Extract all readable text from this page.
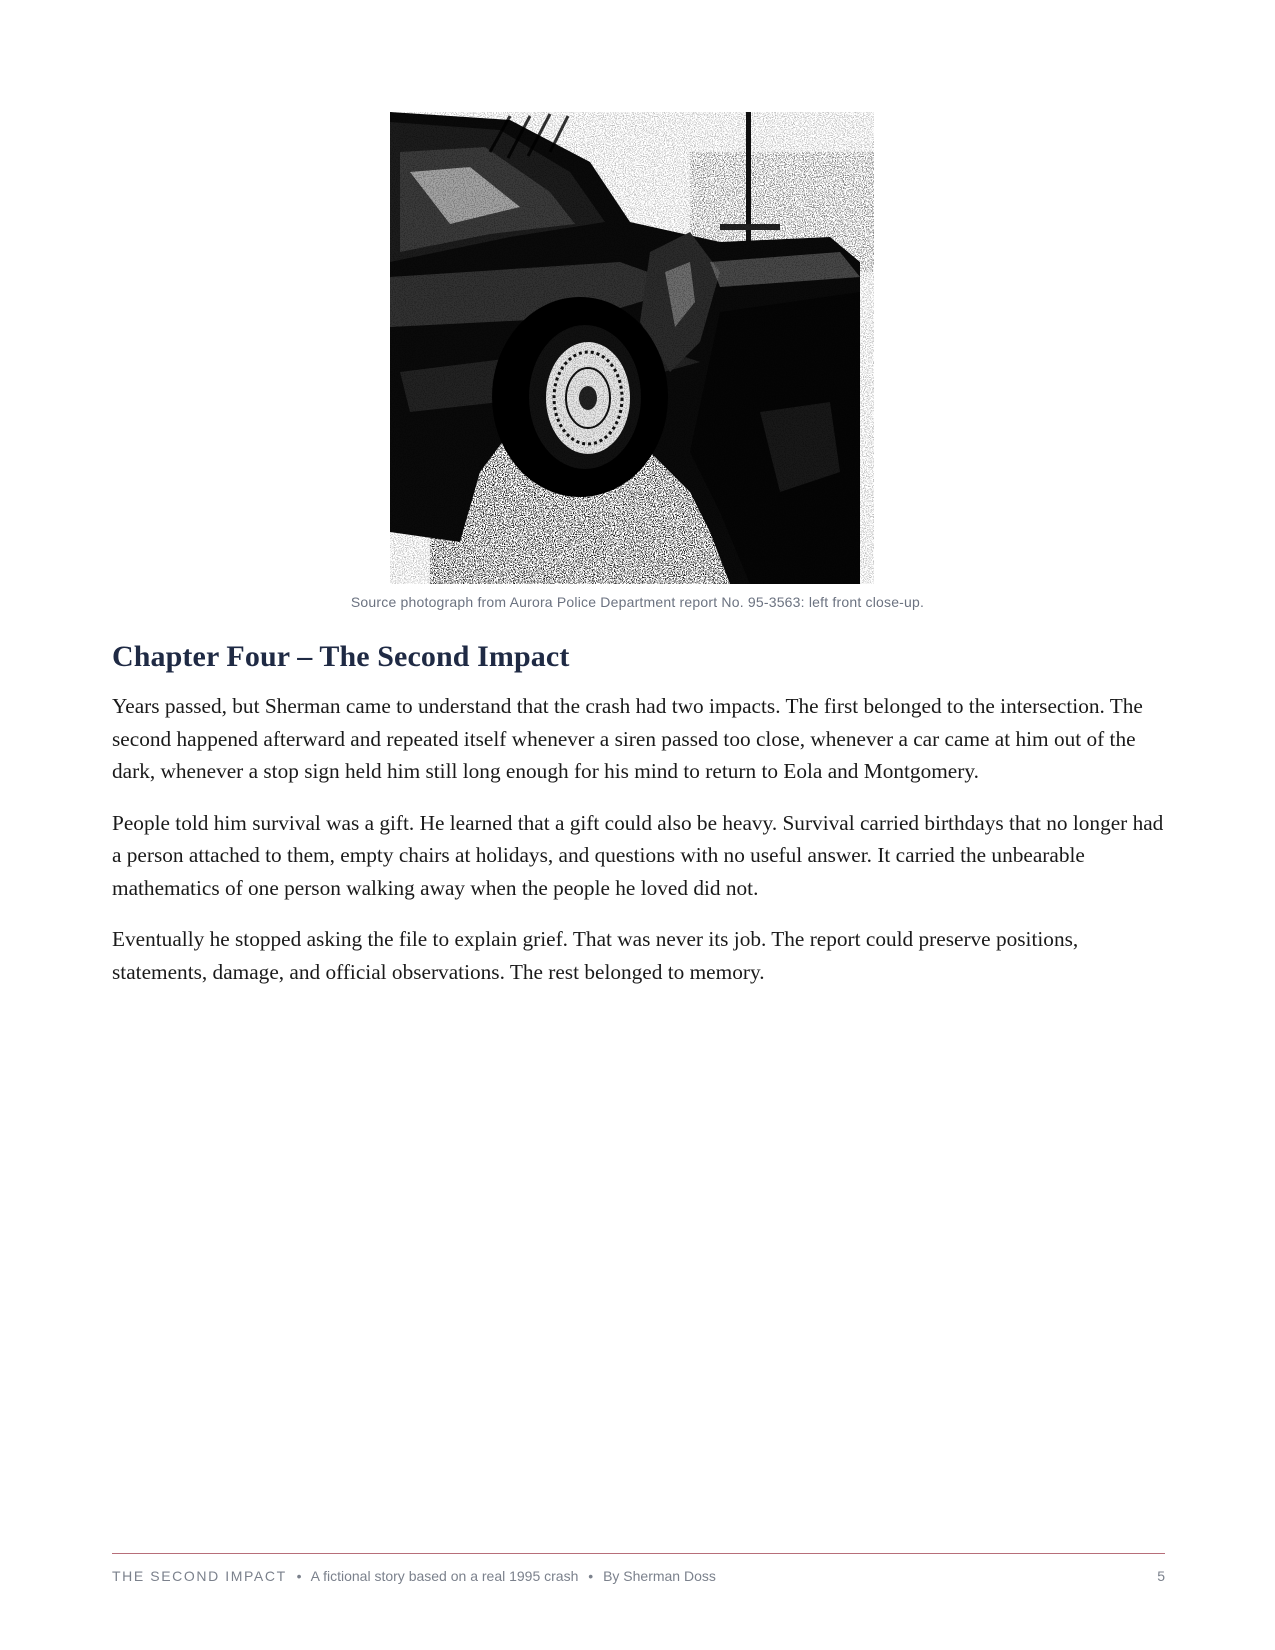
Source photograph from Aurora Police Department report No. 95-3563: left front close-up.
Chapter Four – The Second Impact

Years passed, but Sherman came to understand that the crash had two impacts. The first belonged to the intersection. The second happened afterward and repeated itself whenever a siren passed too close, whenever a car came at him out of the dark, whenever a stop sign held him still long enough for his mind to return to Eola and Montgomery.

People told him survival was a gift. He learned that a gift could also be heavy. Survival carried birthdays that no longer had a person attached to them, empty chairs at holidays, and questions with no useful answer. It carried the unbearable mathematics of one person walking away when the people he loved did not.

Eventually he stopped asking the file to explain grief. That was never its job. The report could preserve positions, statements, damage, and official observations. The rest belonged to memory.

THE SECOND IMPACT • A fictional story based on a real 1995 crash • By Sherman Doss	5
